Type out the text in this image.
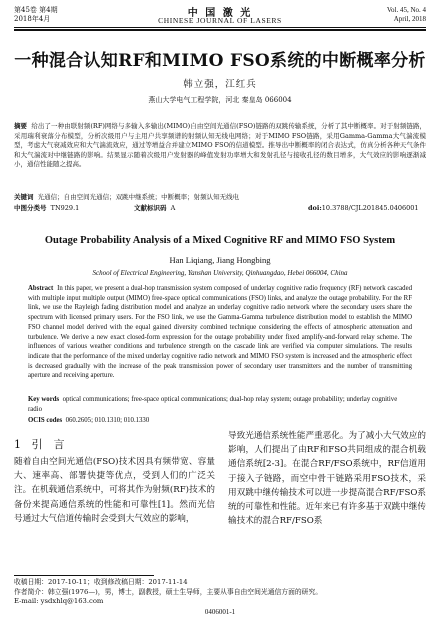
第45卷 第4期
2018年4月	中 国 激 光
CHINESE JOURNAL OF LASERS
Vol. 45, No. 4
April, 2018
一种混合认知RF和MIMO FSO系统的中断概率分析
韩立强，江红兵
燕山大学电气工程学院，河北 秦皇岛 066004
摘要 给出了一种由联射频(RF)网络与多输入多输出(MIMO)自由空间光通信(FSO)链路的双跳传输系统，分析了其中断概率。对于射频链路，采用瑞利衰落分布模型，分析次级用户与主用户共享频谱的射频认知无线电网络；对于MIMO FSO链路，采用Gamma-Gamma大气湍流模型，考虑大气衰减效应和大气湍流效应，通过等增益合并建立MIMO FSO的信道模型。推导出中断概率的闭合表达式，仿真分析各种天气条件和大气湍流对中继链路的影响。结果显示随着次级用户发射器的峰值发射功率增大和发射孔径与接收孔径的数目增多，大气效应的影响逐渐减小，通信性能随之提高。
关键词 光通信；自由空间光通信；双跳中继系统；中断概率；射频认知无线电
中图分类号 TN929.1	文献标识码 A	doi:10.3788/CJL201845.0406001
Outage Probability Analysis of a Mixed Cognitive RF and MIMO FSO System
Han Liqiang, Jiang Hongbing
School of Electrical Engineering, Yanshan University, Qinhuangdao, Hebei 066004, China
Abstract In this paper, we present a dual-hop transmission system composed of underlay cognitive radio frequency (RF) network cascaded with multiple input multiple output (MIMO) free-space optical communications (FSO) links, and analyze the outage probability. For the RF link, we use the Rayleigh fading distribution model and analyze an underlay cognitive radio network where the secondary users share the spectrum with licensed primary users. For the FSO link, we use the Gamma-Gamma turbulence distribution model to establish the MIMO FSO channel model derived with the equal gained diversity combined technique considering the effects of atmospheric attenuation and turbulence. We derive a new exact closed-form expression for the outage probability under fixed amplify-and-forward relay scheme. The influences of various weather conditions and turbulence strength on the cascade link are verified via computer simulations. The results indicate that the performance of the mixed underlay cognitive radio network and MIMO FSO system is increased and the atmospheric effect is decreased gradually with the increase of the peak transmission power of secondary user transmitters and the number of transmitting aperture and receiving aperture.
Key words optical communications; free-space optical communications; dual-hop relay system; outage probability; underlay cognitive radio
OCIS codes 060.2605; 010.1310; 010.1330
1 引　言
随着自由空间光通信(FSO)技术因具有频带宽、容量大、速率高、部署快捷等优点，受到人们的广泛关注。在机载通信系统中，可将其作为射频(RF)技术的备份来提高通信系统的性能和可靠性[1]。然而光信号通过大气信道传输时会受到大气效应的影响，
导致光通信系统性能严重恶化。为了减小大气效应的影响，人们提出了由RF和FSO共同组成的混合机载通信系统[2-3]。在混合RF/FSO系统中，RF信道用于接入子链路，而空中骨干链路采用FSO技术，采用双跳中继传输技术可以进一步提高混合RF/FSO系统的可靠性和性能。近年来已有许多基于双跳中继传输技术的混合RF/FSO系
收稿日期：2017-10-11；收到修改稿日期：2017-11-14
作者简介：韩立强(1976—)，男，博士，副教授，硕士生导师，主要从事自由空间光通信方面的研究。
E-mail: ysdxhlq@163.com
0406001-1
